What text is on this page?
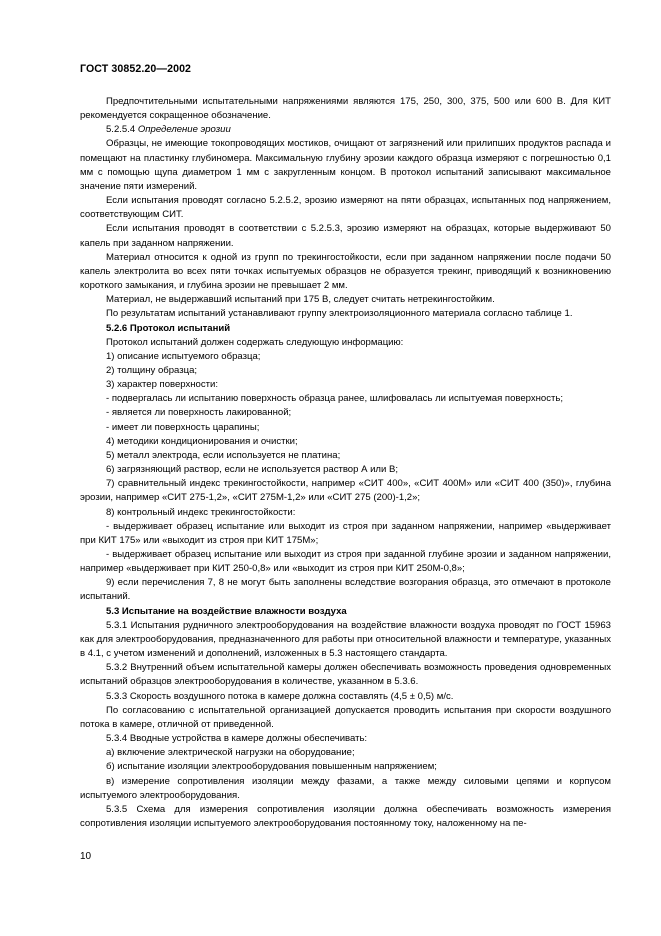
ГОСТ 30852.20—2002

Предпочтительными испытательными напряжениями являются 175, 250, 300, 375, 500 или 600 В. Для КИТ рекомендуется сокращенное обозначение.

5.2.5.4 Определение эрозии

Образцы, не имеющие токопроводящих мостиков, очищают от загрязнений или прилипших продуктов распада и помещают на пластинку глубиномера. Максимальную глубину эрозии каждого образца измеряют с погрешностью 0,1 мм с помощью щупа диаметром 1 мм с закругленным концом. В протокол испытаний записывают максимальное значение пяти измерений.

Если испытания проводят согласно 5.2.5.2, эрозию измеряют на пяти образцах, испытанных под напряжением, соответствующим СИТ.

Если испытания проводят в соответствии с 5.2.5.3, эрозию измеряют на образцах, которые выдерживают 50 капель при заданном напряжении.

Материал относится к одной из групп по трекингостойкости, если при заданном напряжении после подачи 50 капель электролита во всех пяти точках испытуемых образцов не образуется трекинг, приводящий к возникновению короткого замыкания, и глубина эрозии не превышает 2 мм.

Материал, не выдержавший испытаний при 175 В, следует считать нетрекингостойким.

По результатам испытаний устанавливают группу электроизоляционного материала согласно таблице 1.

5.2.6 Протокол испытаний

Протокол испытаний должен содержать следующую информацию:

1) описание испытуемого образца;

2) толщину образца;

3) характер поверхности:

- подвергалась ли испытанию поверхность образца ранее, шлифовалась ли испытуемая поверхность;

- является ли поверхность лакированной;

- имеет ли поверхность царапины;

4) методики кондиционирования и очистки;

5) металл электрода, если используется не платина;

6) загрязняющий раствор, если не используется раствор А или В;

7) сравнительный индекс трекингостойкости, например «СИТ 400», «СИТ 400М» или «СИТ 400 (350)», глубина эрозии, например «СИТ 275-1,2», «СИТ 275М-1,2» или «СИТ 275 (200)-1,2»;

8) контрольный индекс трекингостойкости:

- выдерживает образец испытание или выходит из строя при заданном напряжении, например «выдерживает при КИТ 175» или «выходит из строя при КИТ 175М»;

- выдерживает образец испытание или выходит из строя при заданной глубине эрозии и заданном напряжении, например «выдерживает при КИТ 250-0,8» или «выходит из строя при КИТ 250М-0,8»;

9) если перечисления 7, 8 не могут быть заполнены вследствие возгорания образца, это отмечают в протоколе испытаний.

5.3 Испытание на воздействие влажности воздуха

5.3.1 Испытания рудничного электрооборудования на воздействие влажности воздуха проводят по ГОСТ 15963 как для электрооборудования, предназначенного для работы при относительной влажности и температуре, указанных в 4.1, с учетом изменений и дополнений, изложенных в 5.3 настоящего стандарта.

5.3.2 Внутренний объем испытательной камеры должен обеспечивать возможность проведения одновременных испытаний образцов электрооборудования в количестве, указанном в 5.3.6.

5.3.3 Скорость воздушного потока в камере должна составлять (4,5 ± 0,5) м/с.

По согласованию с испытательной организацией допускается проводить испытания при скорости воздушного потока в камере, отличной от приведенной.

5.3.4 Вводные устройства в камере должны обеспечивать:

а) включение электрической нагрузки на оборудование;

б) испытание изоляции электрооборудования повышенным напряжением;

в) измерение сопротивления изоляции между фазами, а также между силовыми цепями и корпусом испытуемого электрооборудования.

5.3.5 Схема для измерения сопротивления изоляции должна обеспечивать возможность измерения сопротивления изоляции испытуемого электрооборудования постоянному току, наложенному на пе-

10
